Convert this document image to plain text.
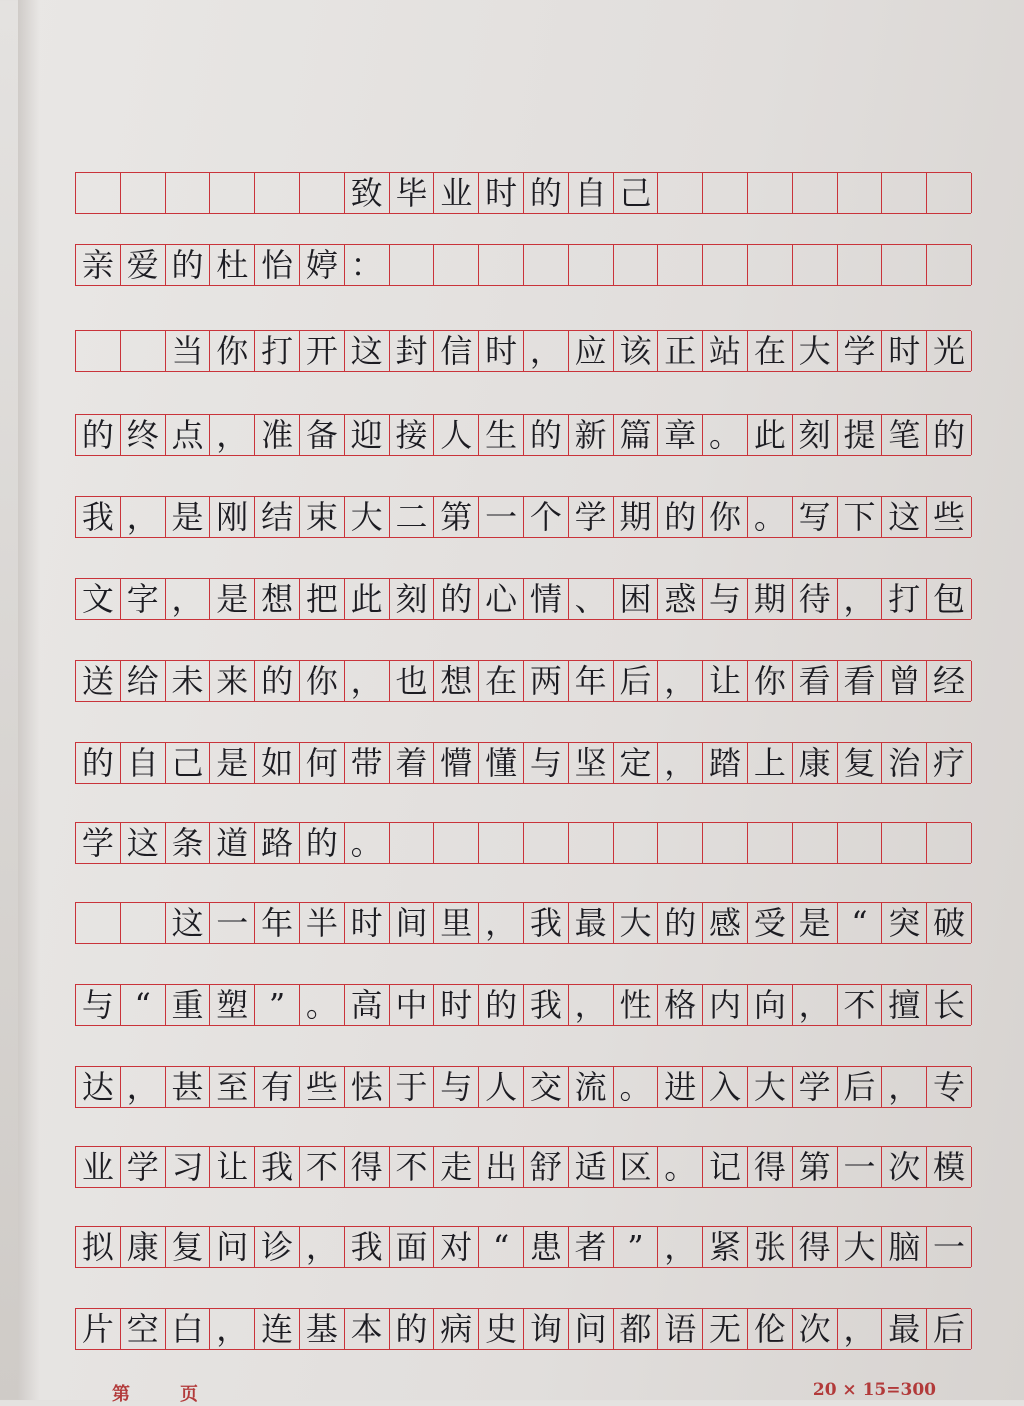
致 毕 业 时 的 自 己
亲 爱 的 杜 怡 婷 ：
当 你 打 开 这 封 信 时 ， 应 该 正 站 在 大 学 时 光
的 终 点 ， 准 备 迎 接 人 生 的 新 篇 章 。 此 刻 提 笔 的
我 ， 是 刚 结 束 大 二 第 一 个 学 期 的 你 。 写 下 这 些
文 字 ， 是 想 把 此 刻 的 心 情 、 困 惑 与 期 待 ， 打 包
送 给 未 来 的 你 ， 也 想 在 两 年 后 ， 让 你 看 看 曾 经
的 自 己 是 如 何 带 着 懵 懂 与 坚 定 ， 踏 上 康 复 治 疗
学 这 条 道 路 的 。
这 一 年 半 时 间 里 ， 我 最 大 的 感 受 是 “ 突 破
与 “ 重 塑 ” 。 高 中 时 的 我 ， 性 格 内 向 ， 不 擅 长
达 ， 甚 至 有 些 怯 于 与 人 交 流 。 进 入 大 学 后 ， 专
业 学 习 让 我 不 得 不 走 出 舒 适 区 。 记 得 第 一 次 模
拟 康 复 问 诊 ， 我 面 对 “ 患 者 ” ， 紧 张 得 大 脑 一
片 空 白 ， 连 基 本 的 病 史 询 问 都 语 无 伦 次 ， 最 后
第页	20 × 15=300
